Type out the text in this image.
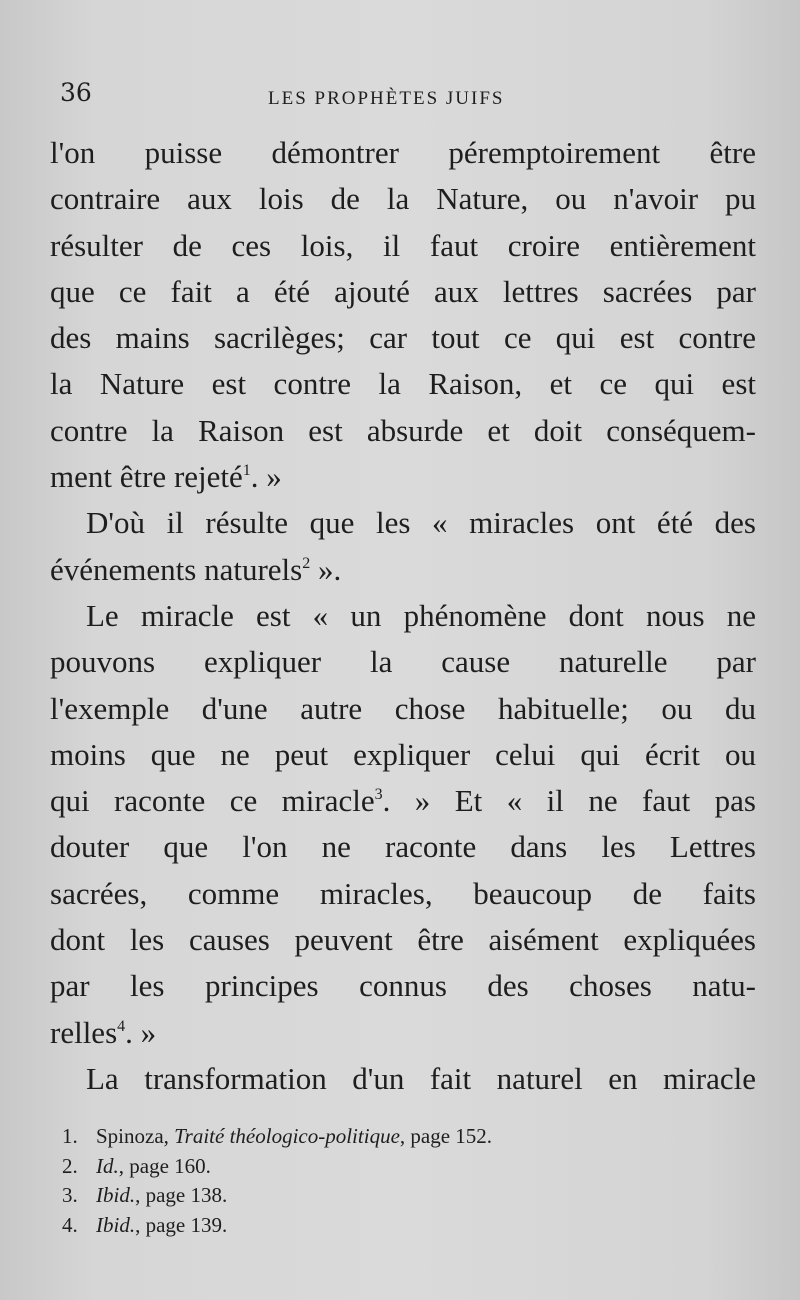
36	LES PROPHÈTES JUIFS
l'on puisse démontrer péremptoirement être
contraire aux lois de la Nature, ou n'avoir pu
résulter de ces lois, il faut croire entièrement
que ce fait a été ajouté aux lettres sacrées par
des mains sacrilèges; car tout ce qui est contre
la Nature est contre la Raison, et ce qui est
contre la Raison est absurde et doit conséquem-
ment être rejeté$^1$. »
D'où il résulte que les « miracles ont été des
événements naturels$^2$ ».
Le miracle est « un phénomène dont nous ne
pouvons expliquer la cause naturelle par
l'exemple d'une autre chose habituelle; ou du
moins que ne peut expliquer celui qui écrit ou
qui raconte ce miracle$^3$. » Et « il ne faut pas
douter que l'on ne raconte dans les Lettres
sacrées, comme miracles, beaucoup de faits
dont les causes peuvent être aisément expliquées
par les principes connus des choses natu-
relles$^4$. »
La transformation d'un fait naturel en miracle
1. Spinoza, Traité théologico-politique, page 152.
2. Id., page 160.
3. Ibid., page 138.
4. Ibid., page 139.
